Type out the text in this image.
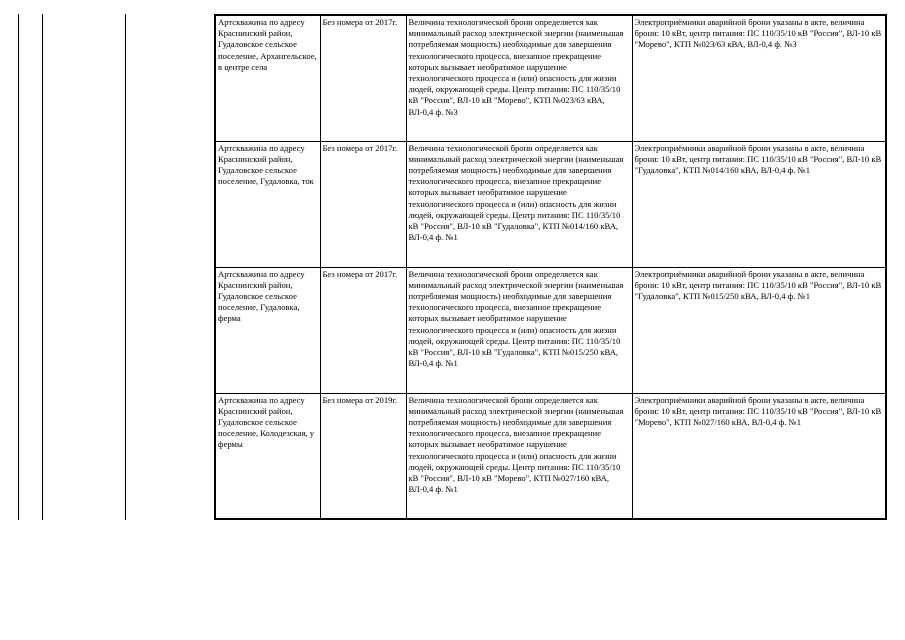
Артскважина по адресу Краснинский район, Гудаловское сельское поселение, Архангельское, в центре села	Без номера от 2017г.	Величина технологической брони определяется как минимальный расход электрической энергии (наименьшая потребляемая мощность) необходимые для завершения технологического процесса, внезапное прекращение которых вызывает необратимое нарушение технологического процесса и (или) опасность для жизни людей, окружающей среды. Центр питания: ПС 110/35/10 кВ "Россия", ВЛ-10 кВ "Морево", КТП №023/63 кВА, ВЛ-0,4 ф. №3	Электроприёмники аварийной брони указаны в акте, величина брони: 10 кВт, центр питания: ПС 110/35/10 кВ "Россия", ВЛ-10 кВ "Морево", КТП №023/63 кВА, ВЛ-0,4 ф. №3
Артскважина по адресу Краснинский район, Гудаловское сельское поселение, Гудаловка, ток	Без номера от 2017г.	Величина технологической брони определяется как минимальный расход электрической энергии (наименьшая потребляемая мощность) необходимые для завершения технологического процесса, внезапное прекращение которых вызывает необратимое нарушение технологического процесса и (или) опасность для жизни людей, окружающей среды. Центр питания: ПС 110/35/10 кВ "Россия", ВЛ-10 кВ "Гудаловка", КТП №014/160 кВА, ВЛ-0,4 ф. №1	Электроприёмники аварийной брони указаны в акте, величина брони: 10 кВт, центр питания: ПС 110/35/10 кВ "Россия", ВЛ-10 кВ "Гудаловка", КТП №014/160 кВА, ВЛ-0,4 ф. №1
Артскважина по адресу Краснинский район, Гудаловское сельское поселение, Гудаловка, ферма	Без номера от 2017г.	Величина технологической брони определяется как минимальный расход электрической энергии (наименьшая потребляемая мощность) необходимые для завершения технологического процесса, внезапное прекращение которых вызывает необратимое нарушение технологического процесса и (или) опасность для жизни людей, окружающей среды. Центр питания: ПС 110/35/10 кВ "Россия", ВЛ-10 кВ "Гудаловка", КТП №015/250 кВА, ВЛ-0,4 ф. №1	Электроприёмники аварийной брони указаны в акте, величина брони: 10 кВт, центр питания: ПС 110/35/10 кВ "Россия", ВЛ-10 кВ "Гудаловка", КТП №015/250 кВА, ВЛ-0,4 ф. №1
Артскважина по адресу Краснинский район, Гудаловское сельское поселение, Колодезская, у фермы	Без номера от 2019г.	Величина технологической брони определяется как минимальный расход электрической энергии (наименьшая потребляемая мощность) необходимые для завершения технологического процесса, внезапное прекращение которых вызывает необратимое нарушение технологического процесса и (или) опасность для жизни людей, окружающей среды. Центр питания: ПС 110/35/10 кВ "Россия", ВЛ-10 кВ "Морево", КТП №027/160 кВА, ВЛ-0,4 ф. №1	Электроприёмники аварийной брони указаны в акте, величина брони: 10 кВт, центр питания: ПС 110/35/10 кВ "Россия", ВЛ-10 кВ "Морево", КТП №027/160 кВА, ВЛ-0,4 ф. №1
